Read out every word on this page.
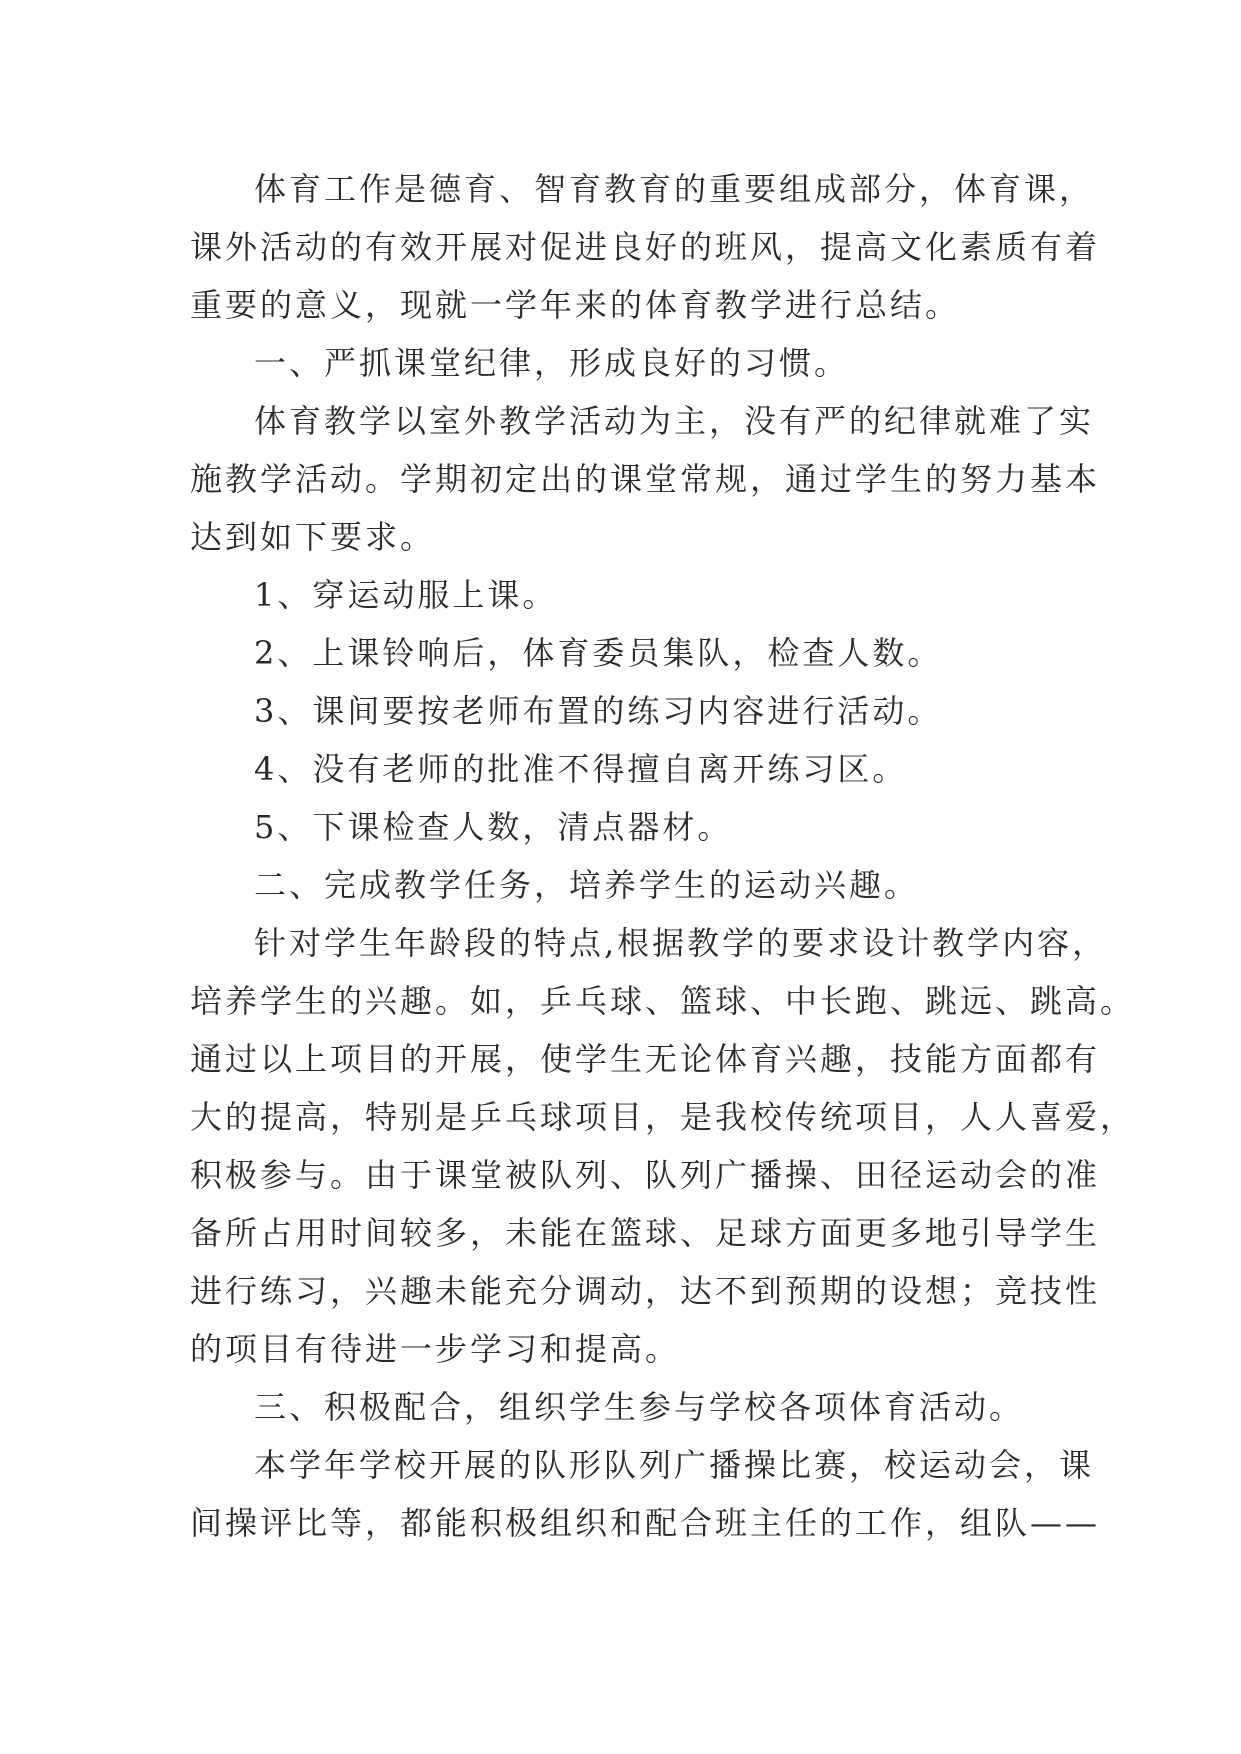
体育工作是德育、智育教育的重要组成部分，体育课，

课外活动的有效开展对促进良好的班风，提高文化素质有着

重要的意义，现就一学年来的体育教学进行总结。

一、严抓课堂纪律，形成良好的习惯。

体育教学以室外教学活动为主，没有严的纪律就难了实

施教学活动。学期初定出的课堂常规，通过学生的努力基本

达到如下要求。

1、穿运动服上课。

2、上课铃响后，体育委员集队，检查人数。

3、课间要按老师布置的练习内容进行活动。

4、没有老师的批准不得擅自离开练习区。

5、下课检查人数，清点器材。

二、完成教学任务，培养学生的运动兴趣。

针对学生年龄段的特点,根据教学的要求设计教学内容，

培养学生的兴趣。如，乒乓球、篮球、中长跑、跳远、跳高。

通过以上项目的开展，使学生无论体育兴趣，技能方面都有

大的提高，特别是乒乓球项目，是我校传统项目，人人喜爱，

积极参与。由于课堂被队列、队列广播操、田径运动会的准

备所占用时间较多，未能在篮球、足球方面更多地引导学生

进行练习，兴趣未能充分调动，达不到预期的设想；竞技性

的项目有待进一步学习和提高。

三、积极配合，组织学生参与学校各项体育活动。

本学年学校开展的队形队列广播操比赛，校运动会，课

间操评比等，都能积极组织和配合班主任的工作，组队——
